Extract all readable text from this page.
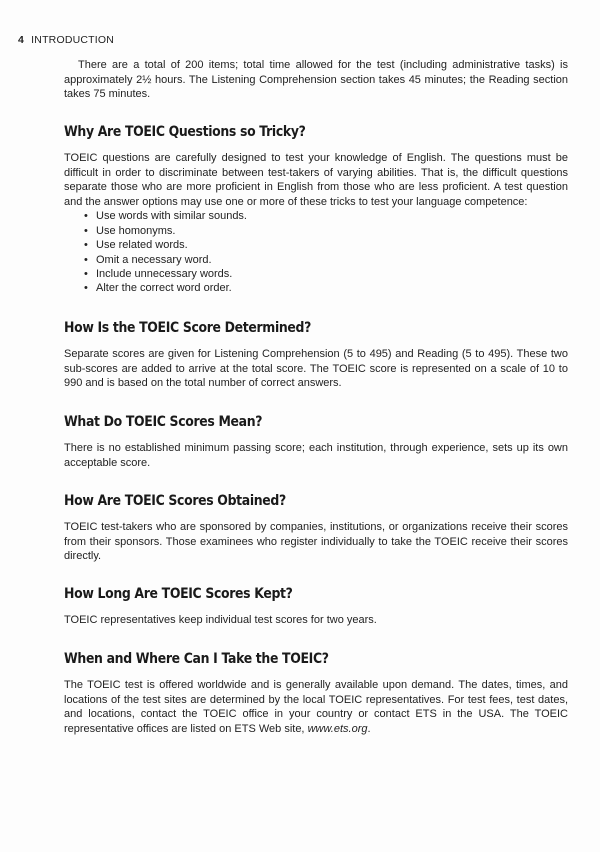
4 INTRODUCTION

There are a total of 200 items; total time allowed for the test (including administrative tasks) is approximately 2½ hours. The Listening Comprehension section takes 45 minutes; the Reading section takes 75 minutes.

Why Are TOEIC Questions so Tricky?

TOEIC questions are carefully designed to test your knowledge of English. The questions must be difficult in order to discriminate between test-takers of varying abilities. That is, the difficult questions separate those who are more proficient in English from those who are less proficient. A test question and the answer options may use one or more of these tricks to test your language competence:

• Use words with similar sounds.
• Use homonyms.
• Use related words.
• Omit a necessary word.
• Include unnecessary words.
• Alter the correct word order.
How Is the TOEIC Score Determined?

Separate scores are given for Listening Comprehension (5 to 495) and Reading (5 to 495). These two sub-scores are added to arrive at the total score. The TOEIC score is represented on a scale of 10 to 990 and is based on the total number of correct answers.

What Do TOEIC Scores Mean?

There is no established minimum passing score; each institution, through experience, sets up its own acceptable score.

How Are TOEIC Scores Obtained?

TOEIC test-takers who are sponsored by companies, institutions, or organizations receive their scores from their sponsors. Those examinees who register individually to take the TOEIC receive their scores directly.

How Long Are TOEIC Scores Kept?

TOEIC representatives keep individual test scores for two years.

When and Where Can I Take the TOEIC?

The TOEIC test is offered worldwide and is generally available upon demand. The dates, times, and locations of the test sites are determined by the local TOEIC representatives. For test fees, test dates, and locations, contact the TOEIC office in your country or contact ETS in the USA. The TOEIC representative offices are listed on ETS Web site, www.ets.org.
